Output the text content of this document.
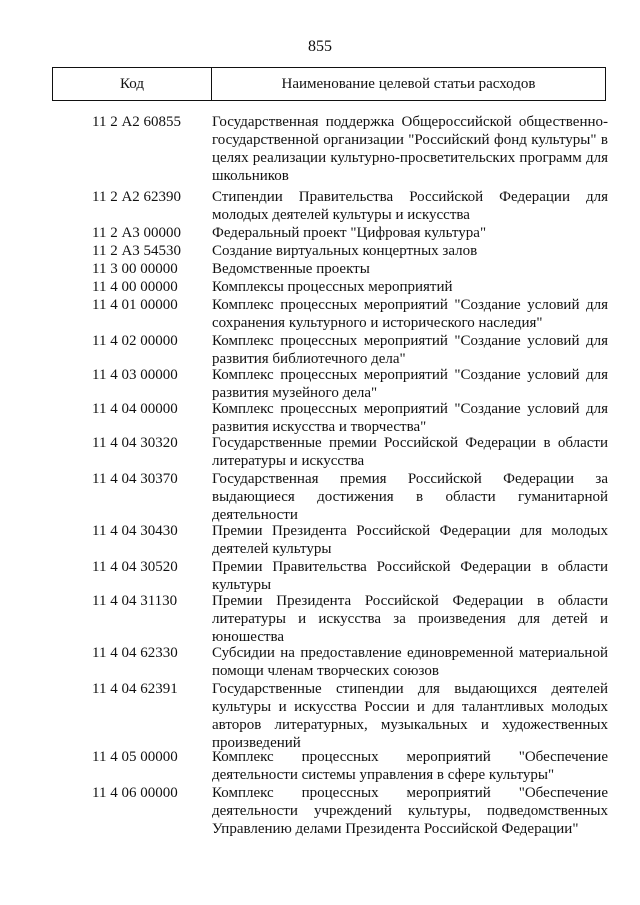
855
Код	Наименование целевой статьи расходов
11 2 А2 60855	Государственная поддержка Общероссийской общественно-государственной организации "Российский фонд культуры" в целях реализации культурно-просветительских программ для школьников
11 2 А2 62390	Стипендии Правительства Российской Федерации для молодых деятелей культуры и искусства
11 2 А3 00000	Федеральный проект "Цифровая культура"
11 2 А3 54530	Создание виртуальных концертных залов
11 3 00 00000	Ведомственные проекты
11 4 00 00000	Комплексы процессных мероприятий
11 4 01 00000	Комплекс процессных мероприятий "Создание условий для сохранения культурного и исторического наследия"
11 4 02 00000	Комплекс процессных мероприятий "Создание условий для развития библиотечного дела"
11 4 03 00000	Комплекс процессных мероприятий "Создание условий для развития музейного дела"
11 4 04 00000	Комплекс процессных мероприятий "Создание условий для развития искусства и творчества"
11 4 04 30320	Государственные премии Российской Федерации в области литературы и искусства
11 4 04 30370	Государственная премия Российской Федерации за выдающиеся достижения в области гуманитарной деятельности
11 4 04 30430	Премии Президента Российской Федерации для молодых деятелей культуры
11 4 04 30520	Премии Правительства Российской Федерации в области культуры
11 4 04 31130	Премии Президента Российской Федерации в области литературы и искусства за произведения для детей и юношества
11 4 04 62330	Субсидии на предоставление единовременной материальной помощи членам творческих союзов
11 4 04 62391	Государственные стипендии для выдающихся деятелей культуры и искусства России и для талантливых молодых авторов литературных, музыкальных и художественных произведений
11 4 05 00000	Комплекс процессных мероприятий "Обеспечение деятельности системы управления в сфере культуры"
11 4 06 00000	Комплекс процессных мероприятий "Обеспечение деятельности учреждений культуры, подведомственных Управлению делами Президента Российской Федерации"
